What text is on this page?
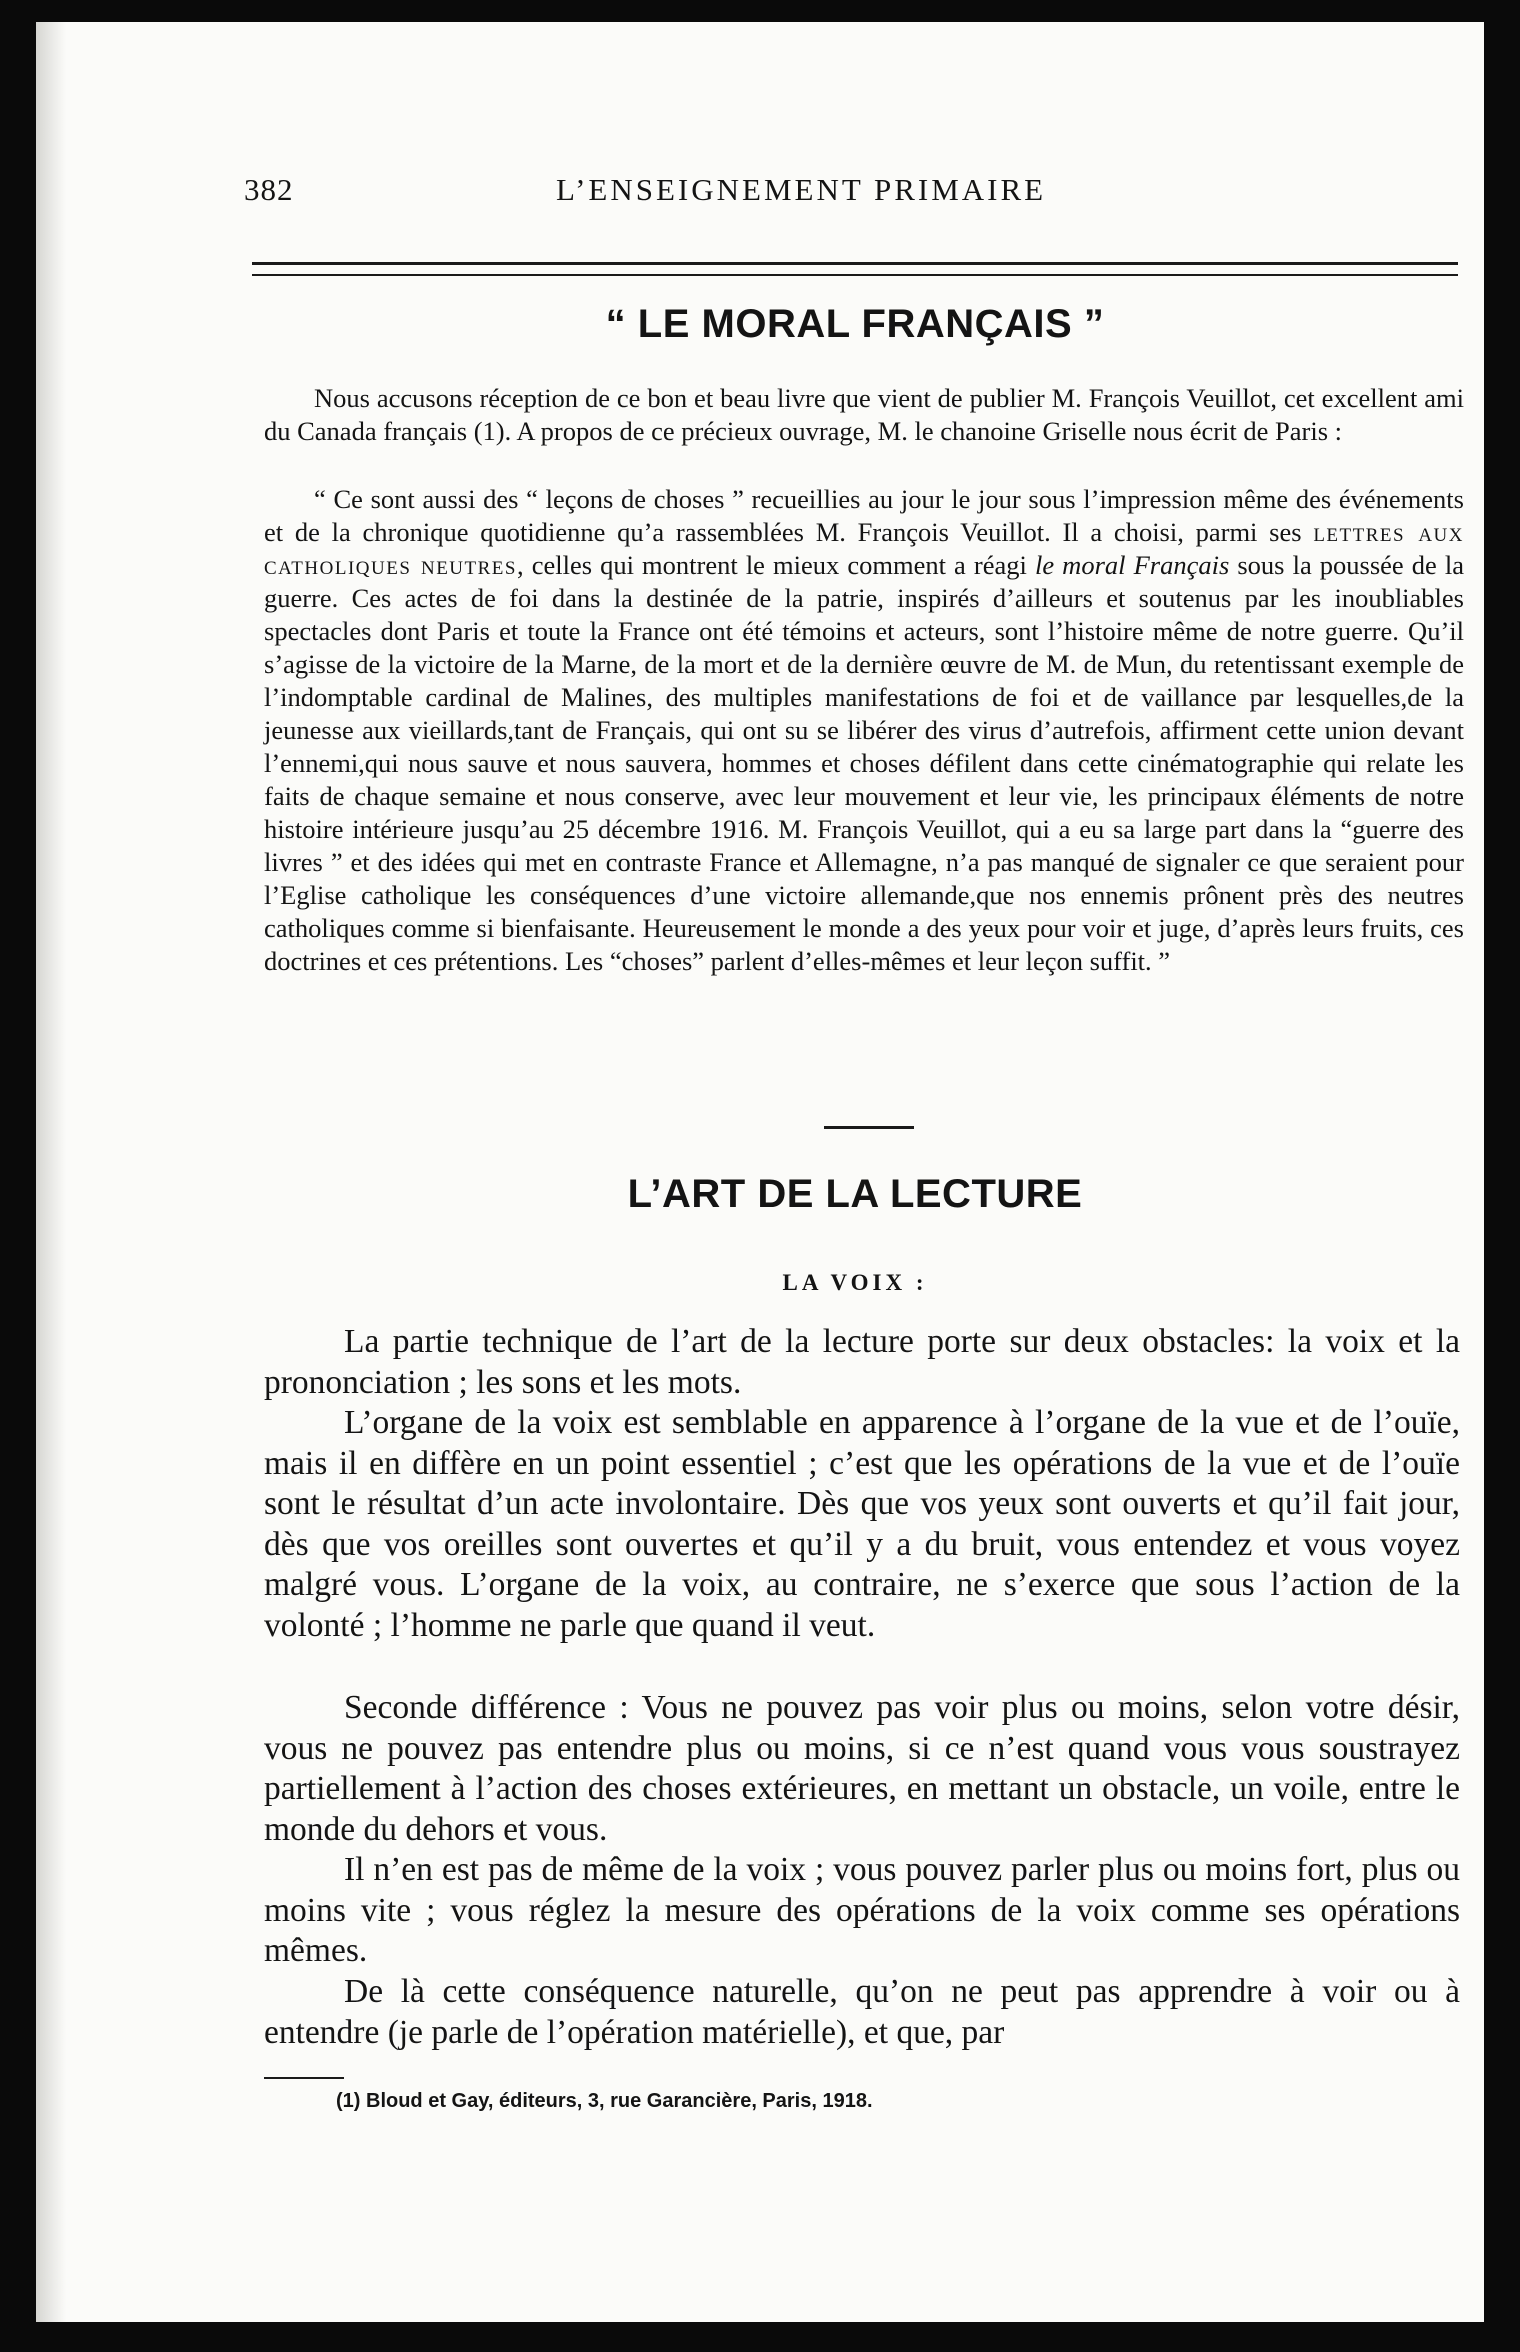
382	L’ENSEIGNEMENT PRIMAIRE
“ LE MORAL FRANÇAIS ”

Nous accusons réception de ce bon et beau livre que vient de publier M. François Veuillot, cet excellent ami du Canada français (1). A propos de ce précieux ouvrage, M. le chanoine Griselle nous écrit de Paris :

“ Ce sont aussi des “ leçons de choses ” recueillies au jour le jour sous l’impression même des événements et de la chronique quotidienne qu’a rassemblées M. François Veuillot. Il a choisi, parmi ses lettres aux catholiques neutres, celles qui montrent le mieux comment a réagi le moral Français sous la poussée de la guerre. Ces actes de foi dans la destinée de la patrie, inspirés d’ailleurs et soutenus par les inoubliables spectacles dont Paris et toute la France ont été témoins et acteurs, sont l’histoire même de notre guerre. Qu’il s’agisse de la victoire de la Marne, de la mort et de la dernière œuvre de M. de Mun, du retentissant exemple de l’indomptable cardinal de Malines, des multiples manifestations de foi et de vaillance par lesquelles,de la jeunesse aux vieillards,tant de Français, qui ont su se libérer des virus d’autrefois, affirment cette union devant l’ennemi,qui nous sauve et nous sauvera, hommes et choses défilent dans cette cinématographie qui relate les faits de chaque semaine et nous conserve, avec leur mouvement et leur vie, les principaux éléments de notre histoire intérieure jusqu’au 25 décembre 1916. M. François Veuillot, qui a eu sa large part dans la “guerre des livres ” et des idées qui met en contraste France et Allemagne, n’a pas manqué de signaler ce que seraient pour l’Eglise catholique les conséquences d’une victoire allemande,que nos ennemis prônent près des neutres catholiques comme si bienfaisante. Heureusement le monde a des yeux pour voir et juge, d’après leurs fruits, ces doctrines et ces prétentions. Les “choses” parlent d’elles-mêmes et leur leçon suffit. ”

L’ART DE LA LECTURE
LA VOIX :

La partie technique de l’art de la lecture porte sur deux obstacles: la voix et la prononciation ; les sons et les mots.

L’organe de la voix est semblable en apparence à l’organe de la vue et de l’ouïe, mais il en diffère en un point essentiel ; c’est que les opérations de la vue et de l’ouïe sont le résultat d’un acte involontaire. Dès que vos yeux sont ouverts et qu’il fait jour, dès que vos oreilles sont ouvertes et qu’il y a du bruit, vous entendez et vous voyez malgré vous. L’organe de la voix, au contraire, ne s’exerce que sous l’action de la volonté ; l’homme ne parle que quand il veut.

Seconde différence : Vous ne pouvez pas voir plus ou moins, selon votre désir, vous ne pouvez pas entendre plus ou moins, si ce n’est quand vous vous soustrayez partiellement à l’action des choses extérieures, en mettant un obstacle, un voile, entre le monde du dehors et vous.

Il n’en est pas de même de la voix ; vous pouvez parler plus ou moins fort, plus ou moins vite ; vous réglez la mesure des opérations de la voix comme ses opérations mêmes.

De là cette conséquence naturelle, qu’on ne peut pas apprendre à voir ou à entendre (je parle de l’opération matérielle), et que, par

(1) Bloud et Gay, éditeurs, 3, rue Garancière, Paris, 1918.
